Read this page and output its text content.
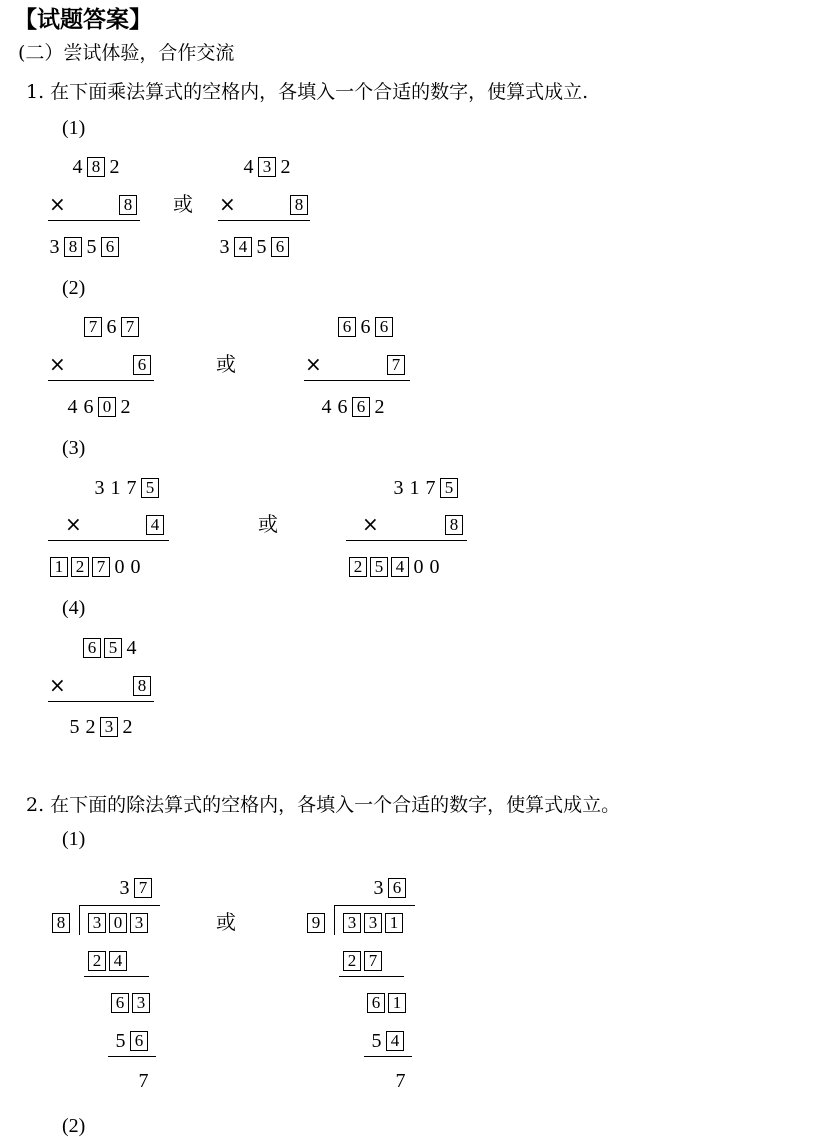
【试题答案】
(二）尝试体验，合作交流
1. 在下面乘法算式的空格内，各填入一个合适的数字，使算式成立.
(1)
4 8 2
×	8
3 8 5 6
或
4 3 2
×	8
3 4 5 6
(2)
7 6 7
×	6
4 6 0 2
或
6 6 6
×	7
4 6 6 2
(3)
3 1 7 5
×	4
1 2 7 0 0
或
3 1 7 5
×	8
2 5 4 0 0
(4)
6 5 4
×	8
5 2 3 2
2. 在下面的除法算式的空格内，各填入一个合适的数字，使算式成立。
(1)
3 7
8	3 0 3
2 4
6 3
5 6
7
或
3 6
9	3 3 1
2 7
6 1
5 4
7
(2)
